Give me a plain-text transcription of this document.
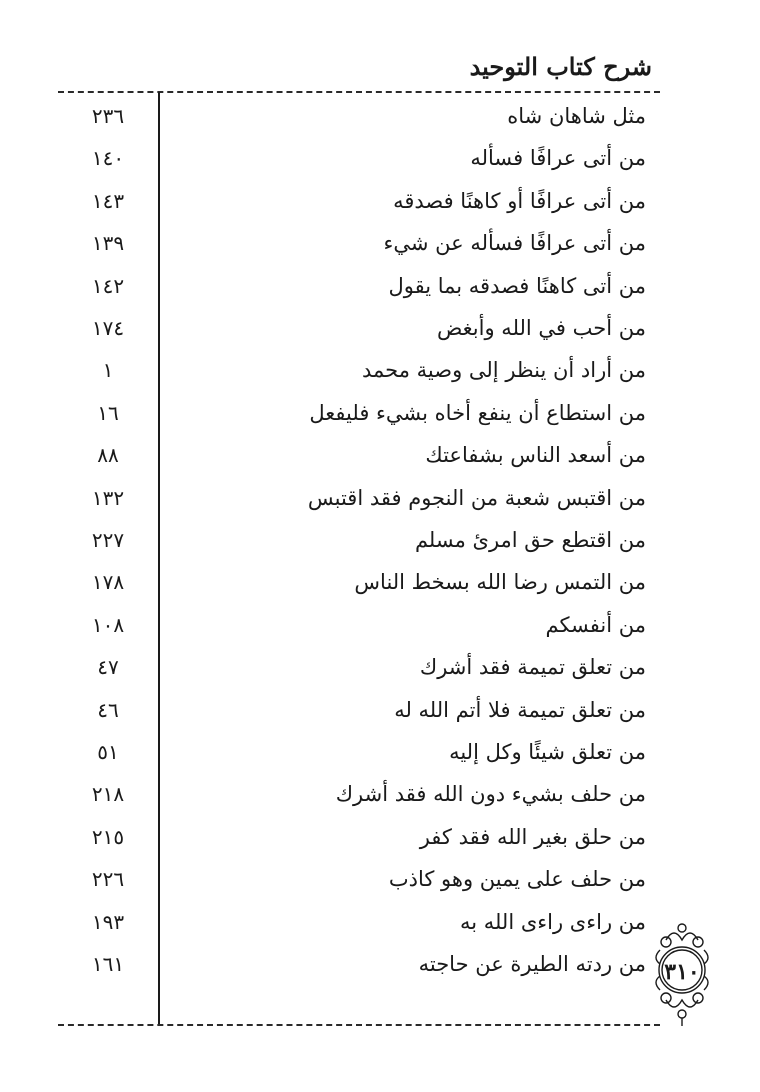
شرح كتاب التوحيد
مثل شاهان شاه
٢٣٦
من أتى عرافًا فسأله
١٤٠
من أتى عرافًا أو كاهنًا فصدقه
١٤٣
من أتى عرافًا فسأله عن شيء
١٣٩
من أتى كاهنًا فصدقه بما يقول
١٤٢
من أحب في الله وأبغض
١٧٤
من أراد أن ينظر إلى وصية محمد
١
من استطاع أن ينفع أخاه بشيء فليفعل
١٦
من أسعد الناس بشفاعتك
٨٨
من اقتبس شعبة من النجوم فقد اقتبس
١٣٢
من اقتطع حق امرئ مسلم
٢٢٧
من التمس رضا الله بسخط الناس
١٧٨
من أنفسكم
١٠٨
من تعلق تميمة فقد أشرك
٤٧
من تعلق تميمة فلا أتم الله له
٤٦
من تعلق شيئًا وكل إليه
٥١
من حلف بشيء دون الله فقد أشرك
٢١٨
من حلق بغير الله فقد كفر
٢١٥
من حلف على يمين وهو كاذب
٢٢٦
من راءى راءى الله به
١٩٣
من ردته الطيرة عن حاجته
١٦١	٣١٠
